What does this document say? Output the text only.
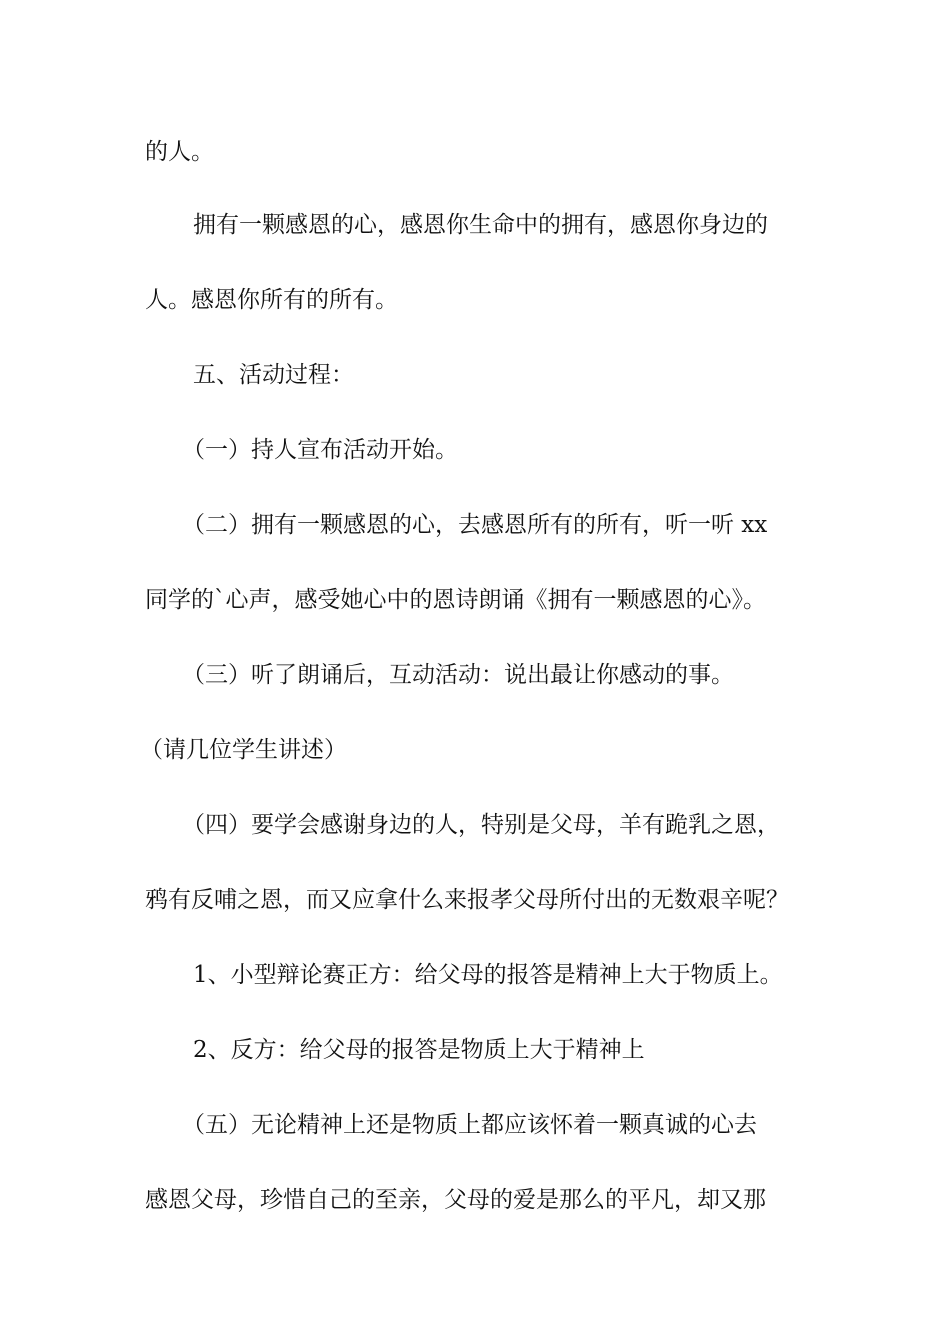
的人。
拥有一颗感恩的心，感恩你生命中的拥有，感恩你身边的
人。感恩你所有的所有。
五、活动过程：
（一）持人宣布活动开始。
（二）拥有一颗感恩的心，去感恩所有的所有，听一听 xx
同学的`心声，感受她心中的恩诗朗诵《拥有一颗感恩的心》。
（三）听了朗诵后，互动活动：说出最让你感动的事。
（请几位学生讲述）
（四）要学会感谢身边的人，特别是父母，羊有跪乳之恩，
鸦有反哺之恩，而又应拿什么来报孝父母所付出的无数艰辛呢？
1、小型辩论赛正方：给父母的报答是精神上大于物质上。
2、反方：给父母的报答是物质上大于精神上
（五）无论精神上还是物质上都应该怀着一颗真诚的心去
感恩父母，珍惜自己的至亲，父母的爱是那么的平凡，却又那
